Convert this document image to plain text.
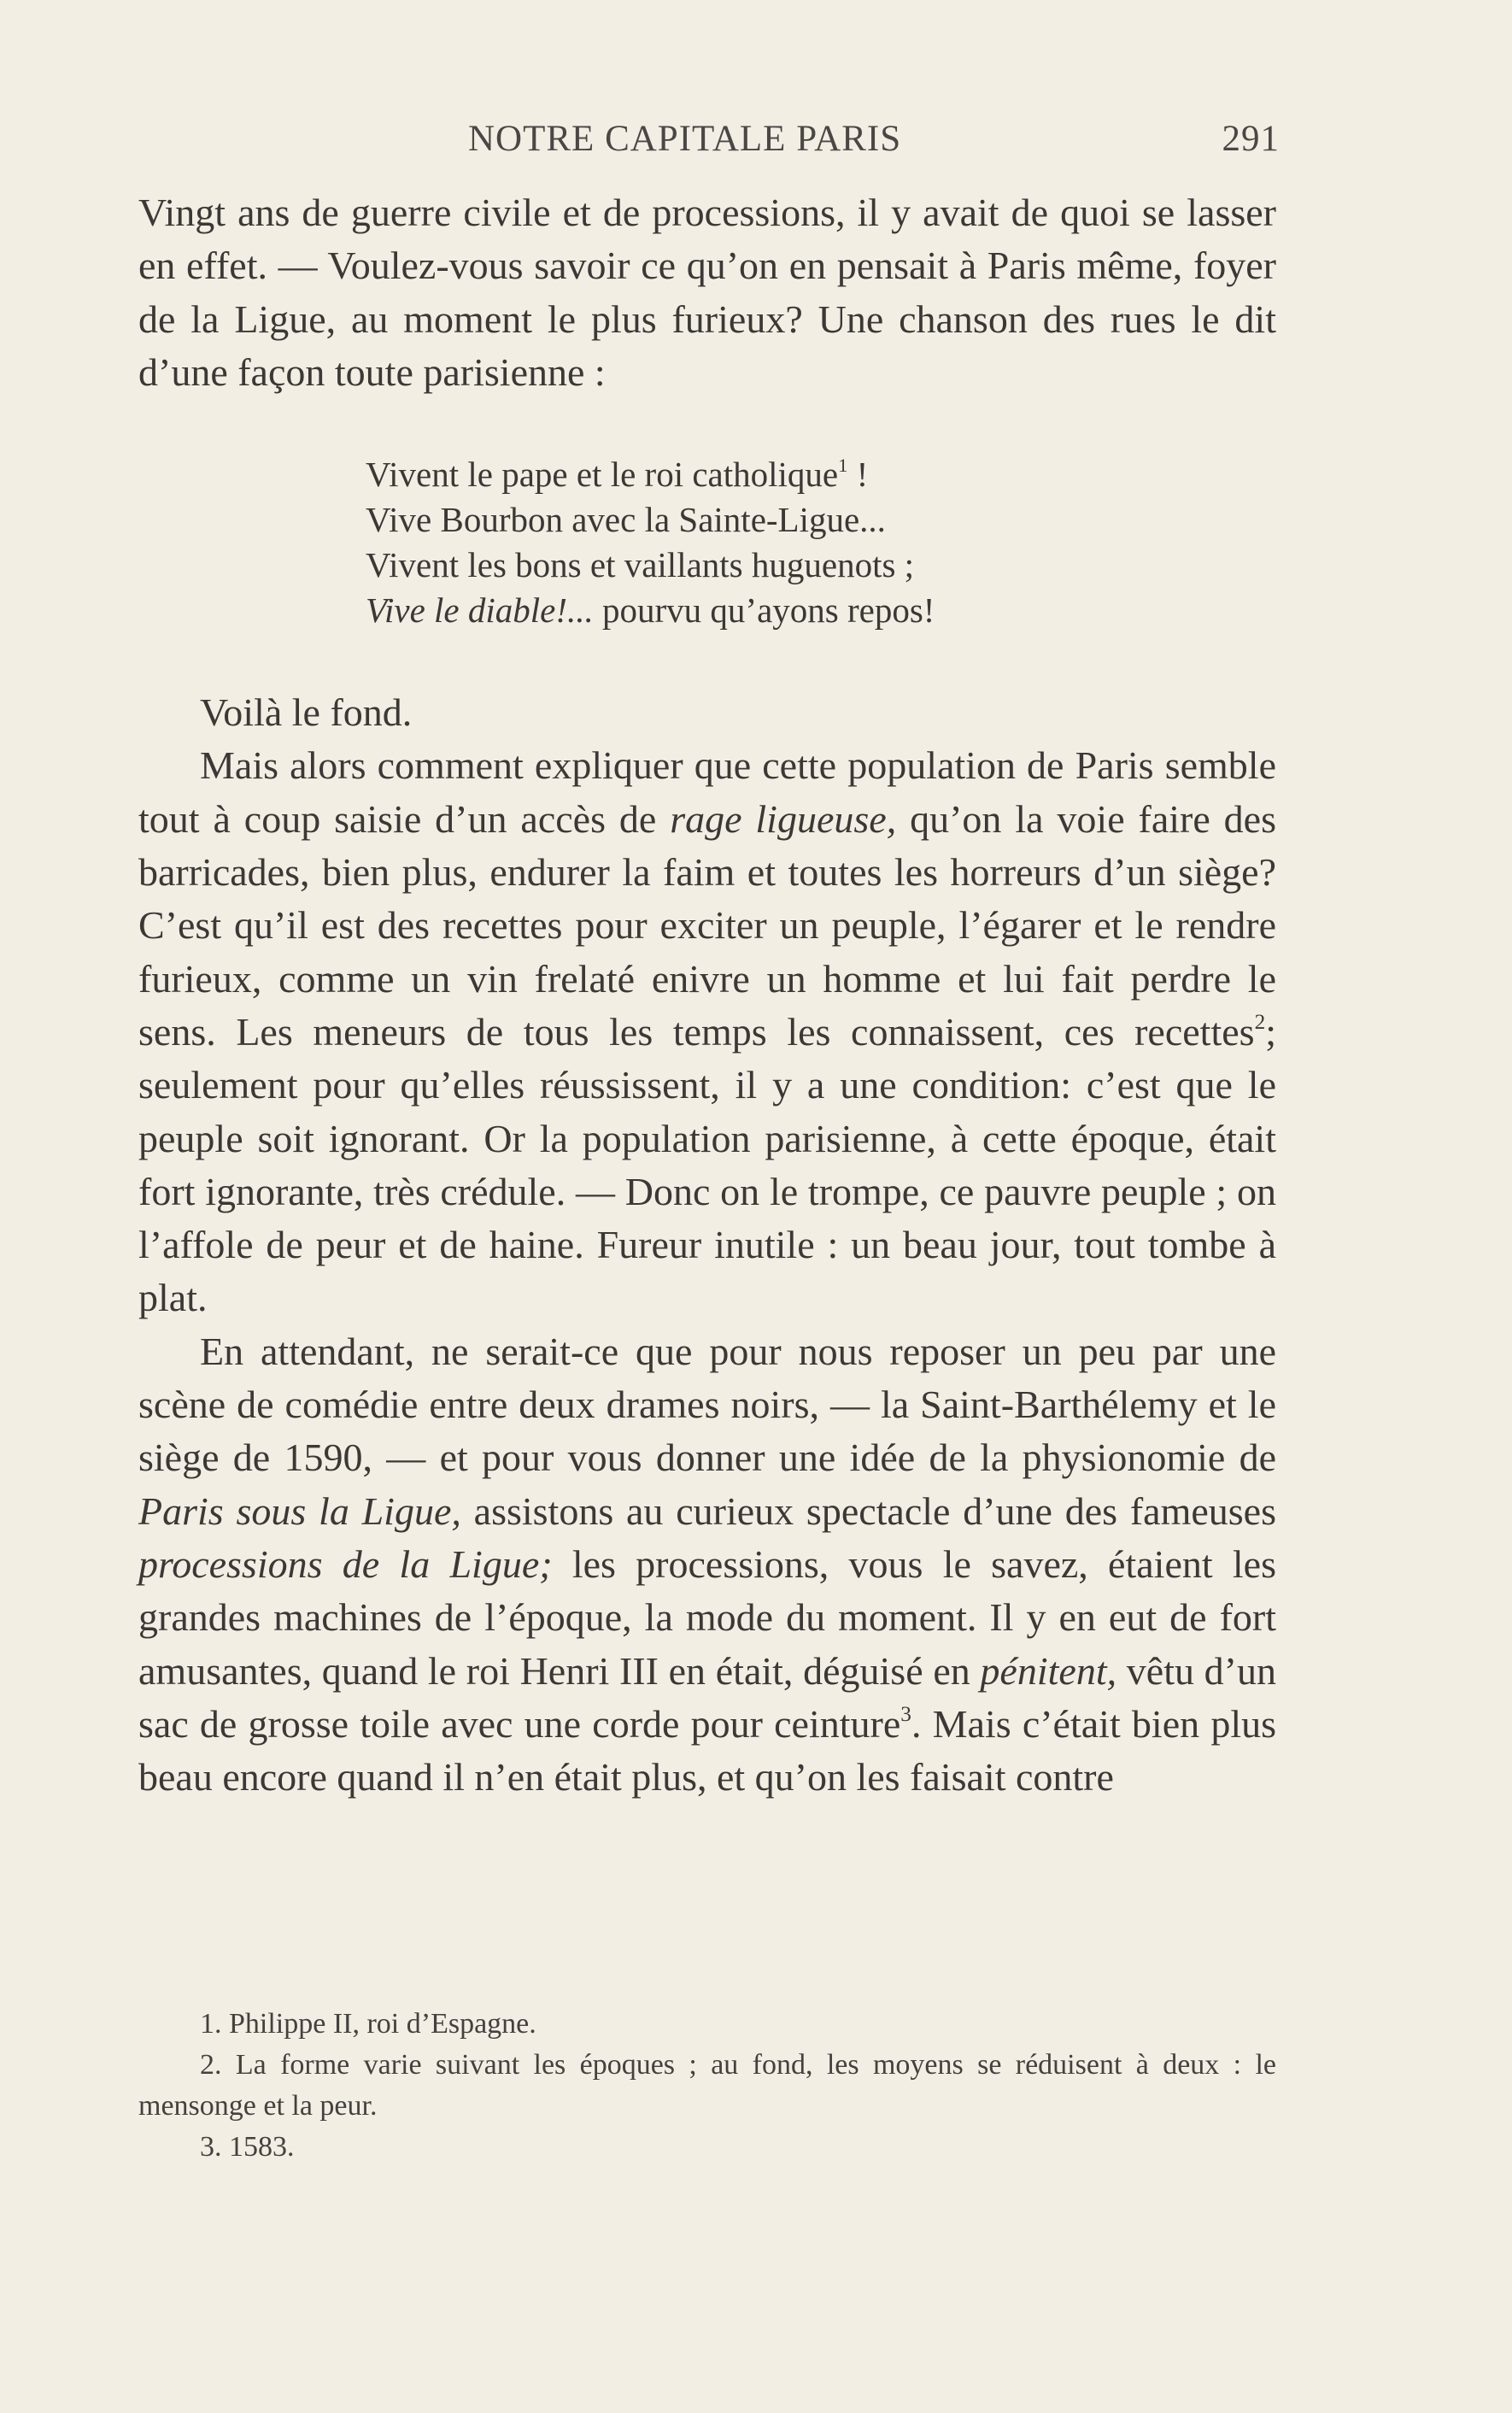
NOTRE CAPITALE PARIS	291

Vingt ans de guerre civile et de processions, il y avait de quoi se lasser en effet. — Voulez-vous savoir ce qu’on en pensait à Paris même, foyer de la Ligue, au moment le plus furieux? Une chanson des rues le dit d’une façon toute parisienne :

Vivent le pape et le roi catholique$^1$ !
Vive Bourbon avec la Sainte-Ligue...
Vivent les bons et vaillants huguenots ;
Vive le diable!... pourvu qu’ayons repos!

Voilà le fond.

Mais alors comment expliquer que cette population de Paris semble tout à coup saisie d’un accès de rage ligueuse, qu’on la voie faire des barricades, bien plus, endurer la faim et toutes les horreurs d’un siège? C’est qu’il est des recettes pour exciter un peuple, l’égarer et le rendre furieux, comme un vin frelaté enivre un homme et lui fait perdre le sens. Les meneurs de tous les temps les connaissent, ces recettes$^2$; seulement pour qu’elles réussissent, il y a une condition: c’est que le peuple soit ignorant. Or la population parisienne, à cette époque, était fort ignorante, très crédule. — Donc on le trompe, ce pauvre peuple ; on l’affole de peur et de haine. Fureur inutile : un beau jour, tout tombe à plat.

En attendant, ne serait-ce que pour nous reposer un peu par une scène de comédie entre deux drames noirs, — la Saint-Barthélemy et le siège de 1590, — et pour vous donner une idée de la physionomie de Paris sous la Ligue, assistons au curieux spectacle d’une des fameuses processions de la Ligue; les processions, vous le savez, étaient les grandes machines de l’époque, la mode du moment. Il y en eut de fort amusantes, quand le roi Henri III en était, déguisé en pénitent, vêtu d’un sac de grosse toile avec une corde pour ceinture$^3$. Mais c’était bien plus beau encore quand il n’en était plus, et qu’on les faisait contre

1. Philippe II, roi d’Espagne.

2. La forme varie suivant les époques ; au fond, les moyens se réduisent à deux : le mensonge et la peur.

3. 1583.
